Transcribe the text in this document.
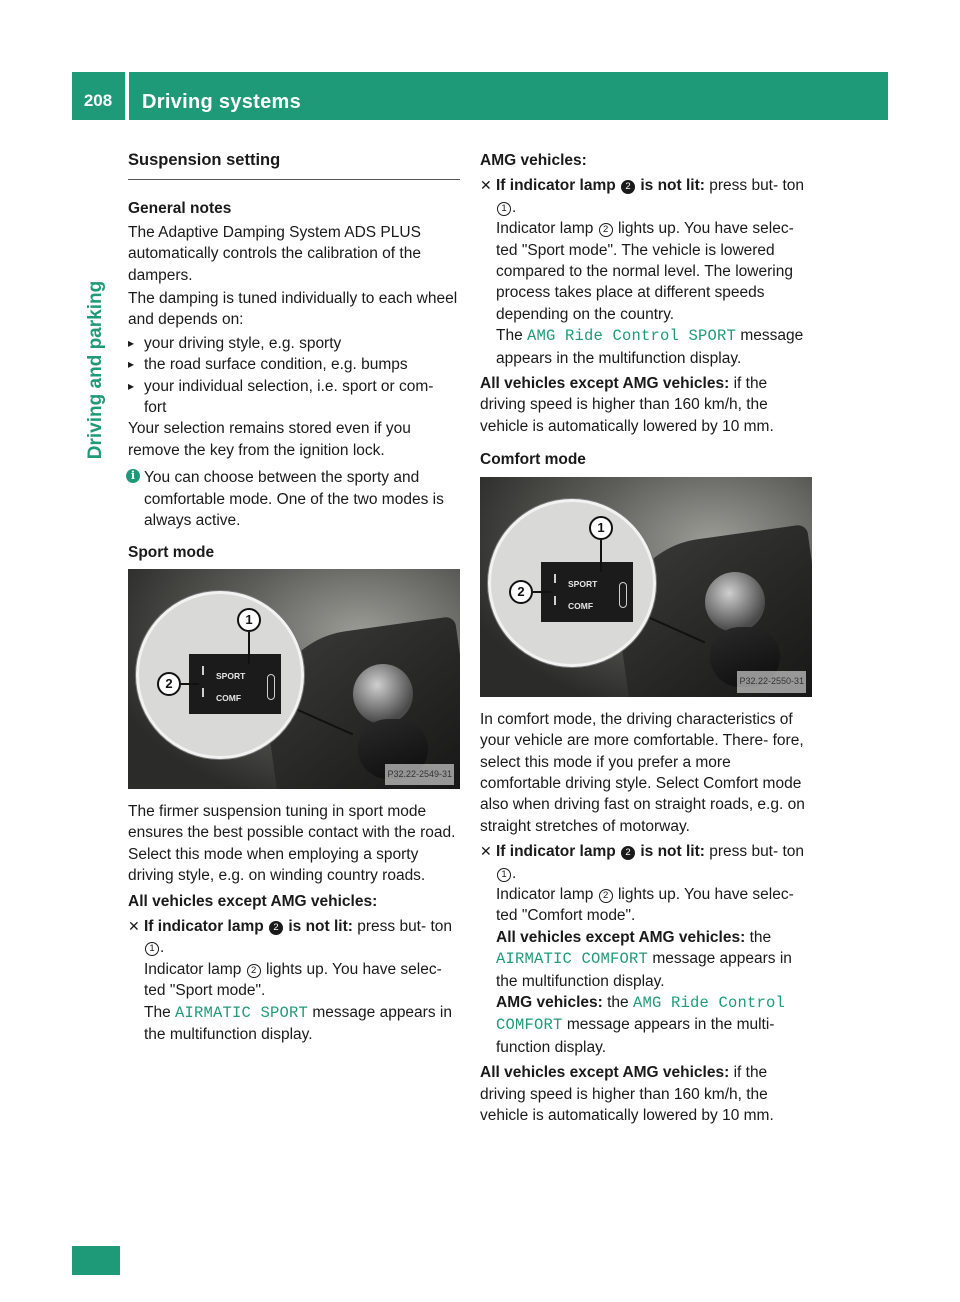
208	Driving systems
Driving and parking
Suspension setting
General notes

The Adaptive Damping System ADS PLUS automatically controls the calibration of the dampers.

The damping is tuned individually to each wheel and depends on:

▸ your driving style, e.g. sporty
▸ the road surface condition, e.g. bumps
▸ your individual selection, i.e. sport or com- fort

Your selection remains stored even if you remove the key from the ignition lock.

i You can choose between the sporty and comfortable mode. One of the two modes is always active.
Sport mode
SPORT
COMF
1
2
P32.22-2549-31

The firmer suspension tuning in sport mode ensures the best possible contact with the road. Select this mode when employing a sporty driving style, e.g. on winding country roads.

All vehicles except AMG vehicles:
✕ If indicator lamp 2 is not lit: press but- ton 1 .
Indicator lamp 2 lights up. You have selec- ted "Sport mode".
The AIRMATIC SPORT message appears in the multifunction display.
AMG vehicles:
✕ If indicator lamp 2 is not lit: press but- ton 1 .
Indicator lamp 2 lights up. You have selec- ted "Sport mode". The vehicle is lowered compared to the normal level. The lowering process takes place at different speeds depending on the country.
The AMG Ride Control SPORT message appears in the multifunction display.

All vehicles except AMG vehicles: if the driving speed is higher than 160 km/h, the vehicle is automatically lowered by 10 mm.

Comfort mode
SPORT
COMF
1
2
P32.22-2550-31

In comfort mode, the driving characteristics of your vehicle are more comfortable. There- fore, select this mode if you prefer a more comfortable driving style. Select Comfort mode also when driving fast on straight roads, e.g. on straight stretches of motorway.

✕ If indicator lamp 2 is not lit: press but- ton 1 .
Indicator lamp 2 lights up. You have selec- ted "Comfort mode".
All vehicles except AMG vehicles: the AIRMATIC COMFORT message appears in the multifunction display.
AMG vehicles: the AMG Ride Control COMFORT message appears in the multi- function display.

All vehicles except AMG vehicles: if the driving speed is higher than 160 km/h, the vehicle is automatically lowered by 10 mm.
